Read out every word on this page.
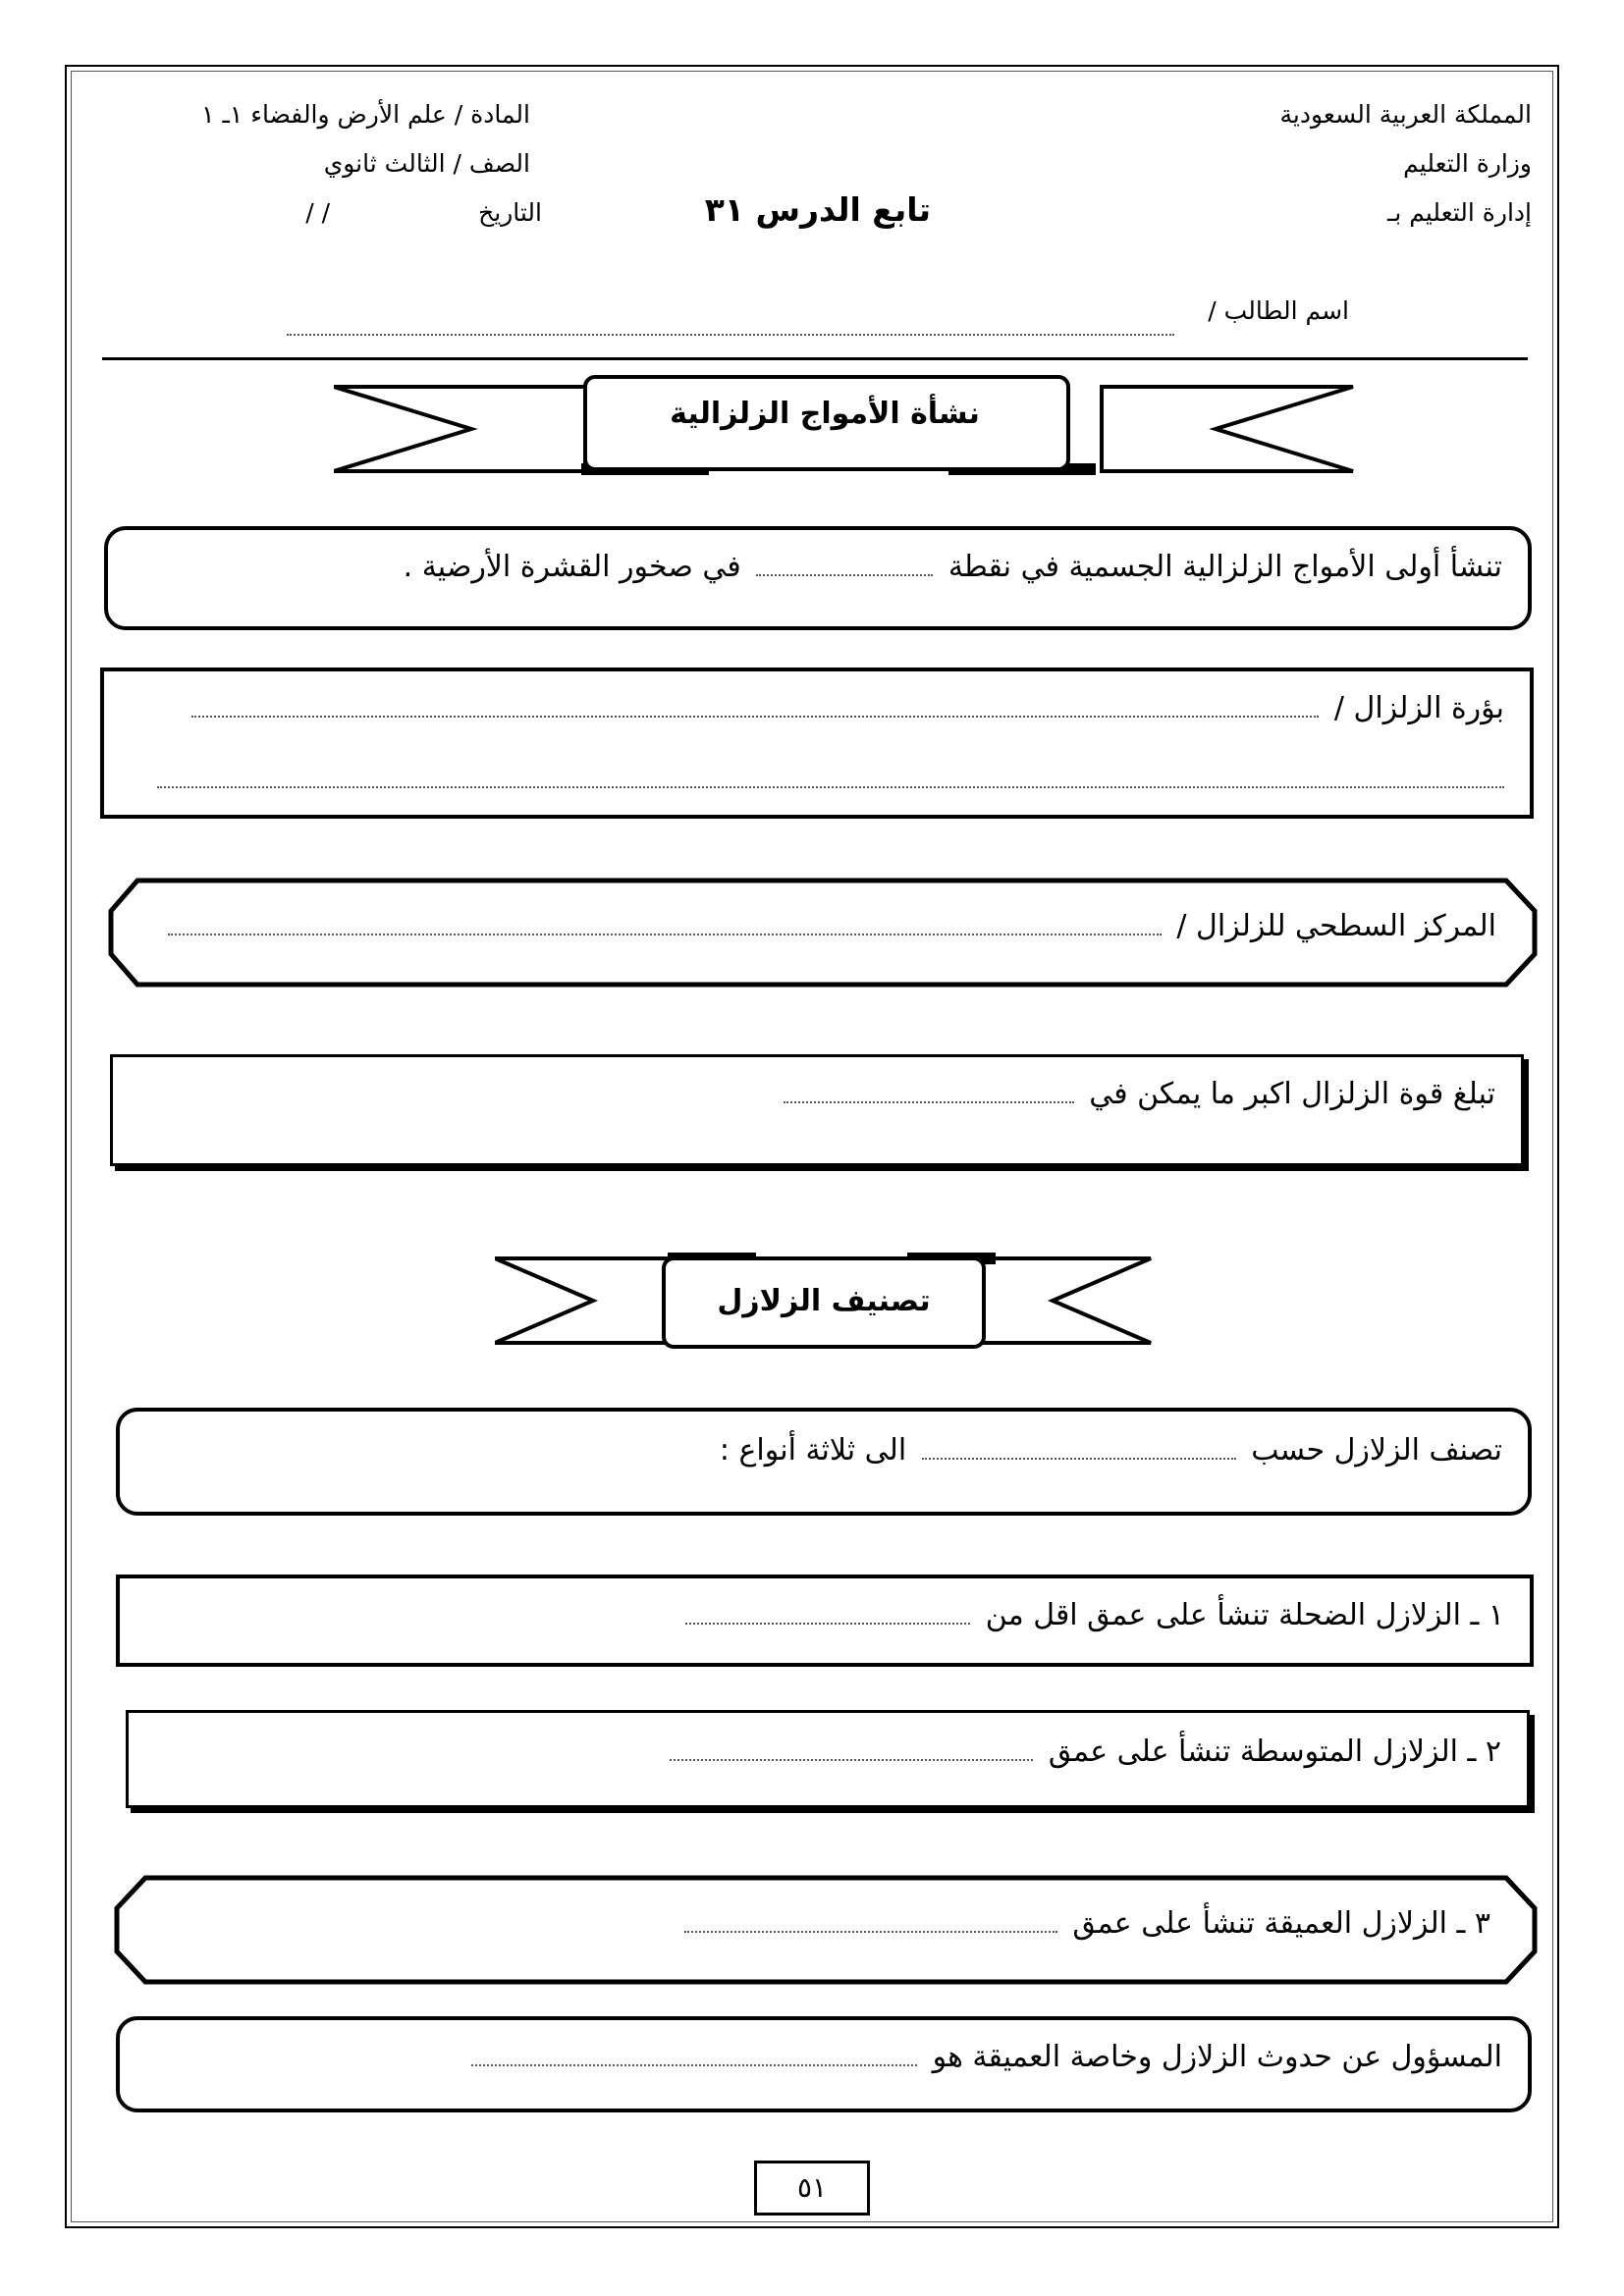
المملكة العربية السعودية
وزارة التعليم
إدارة التعليم بـ
المادة / علم الأرض والفضاء ١ـ ١
الصف / الثالث ثانوي
التاريخ
/ /	تابع الدرس ٣١
اسم الطالب /
نشأة الأمواج الزلزالية
تنشأ أولى الأمواج الزلزالية الجسمية في نقطة  في صخور القشرة الأرضية .
بؤرة الزلزال /
المركز السطحي للزلزال /
تبلغ قوة الزلزال اكبر ما يمكن في
تصنيف الزلازل
تصنف الزلازل حسب  الى ثلاثة أنواع :
١ ـ الزلازل الضحلة تنشأ على عمق اقل من
٢ ـ الزلازل المتوسطة تنشأ على عمق
٣ ـ الزلازل العميقة تنشأ على عمق
المسؤول عن حدوث الزلازل وخاصة العميقة هو
٥١
